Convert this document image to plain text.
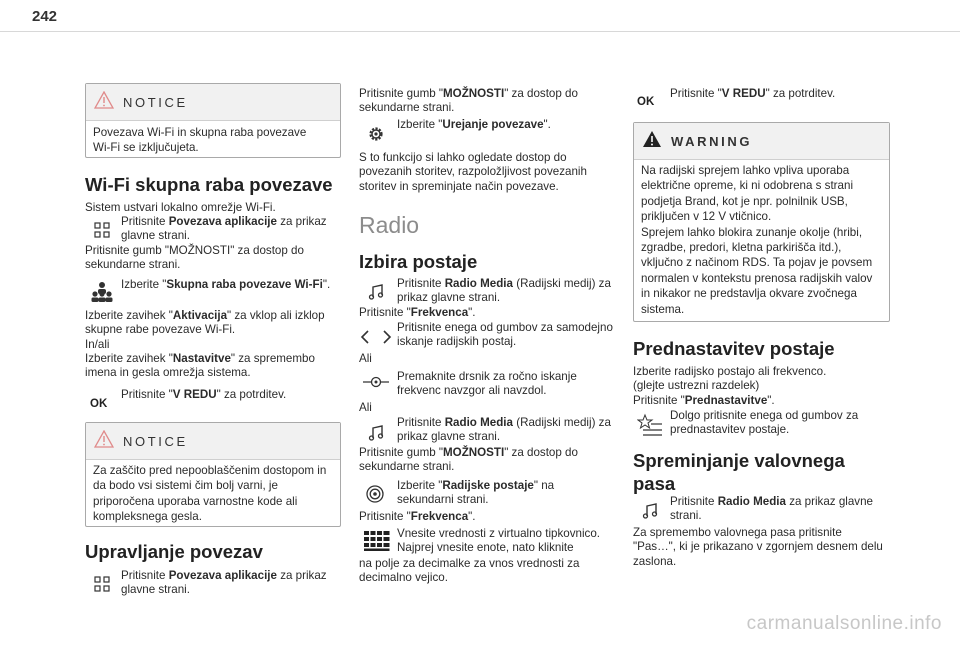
242
NOTICE
Povezava Wi-Fi in skupna raba povezave
Wi-Fi se izključujeta.
Wi-Fi skupna raba povezave
Sistem ustvari lokalno omrežje Wi-Fi.
Pritisnite Povezava aplikacije za prikaz
glavne strani.
Pritisnite gumb "MOŽNOSTI" za dostop do
sekundarne strani.
Izberite "Skupna raba povezave Wi-Fi".
Izberite zavihek "Aktivacija" za vklop ali izklop
skupne rabe povezave Wi-Fi.
In/ali
Izberite zavihek "Nastavitve" za spremembo
imena in gesla omrežja sistema.
OK
Pritisnite "V REDU" za potrditev.
NOTICE
Za zaščito pred nepooblaščenim dostopom in
da bodo vsi sistemi čim bolj varni, je
priporočena uporaba varnostne kode ali
kompleksnega gesla.
Upravljanje povezav
Pritisnite Povezava aplikacije za prikaz
glavne strani.
Pritisnite gumb "MOŽNOSTI" za dostop do
sekundarne strani.
Izberite "Urejanje povezave".
S to funkcijo si lahko ogledate dostop do
povezanih storitev, razpoložljivost povezanih
storitev in spreminjate način povezave.
Radio
Izbira postaje
Pritisnite Radio Media (Radijski medij) za
prikaz glavne strani.
Pritisnite "Frekvenca".
Pritisnite enega od gumbov za samodejno
iskanje radijskih postaj.
Ali
Premaknite drsnik za ročno iskanje
frekvenc navzgor ali navzdol.
Ali
Pritisnite Radio Media (Radijski medij) za
prikaz glavne strani.
Pritisnite gumb "MOŽNOSTI" za dostop do
sekundarne strani.
Izberite "Radijske postaje" na
sekundarni strani.
Pritisnite "Frekvenca".
Vnesite vrednosti z virtualno tipkovnico.
Najprej vnesite enote, nato kliknite
na polje za decimalke za vnos vrednosti za
decimalno vejico.
OK
Pritisnite "V REDU" za potrditev.
WARNING
Na radijski sprejem lahko vpliva uporaba
električne opreme, ki ni odobrena s strani
podjetja Brand, kot je npr. polnilnik USB,
priključen v 12 V vtičnico.
Sprejem lahko blokira zunanje okolje (hribi,
zgradbe, predori, kletna parkirišča itd.),
vključno z načinom RDS. Ta pojav je povsem
normalen v kontekstu prenosa radijskih valov
in nikakor ne predstavlja okvare zvočnega
sistema.
Prednastavitev postaje
Izberite radijsko postajo ali frekvenco.
(glejte ustrezni razdelek)
Pritisnite "Prednastavitve".
Dolgo pritisnite enega od gumbov za
prednastavitev postaje.
Spreminjanje valovnega
pasa
Pritisnite Radio Media za prikaz glavne
strani.
Za spremembo valovnega pasa pritisnite
"Pas…", ki je prikazano v zgornjem desnem delu
zaslona.
carmanualsonline.info
